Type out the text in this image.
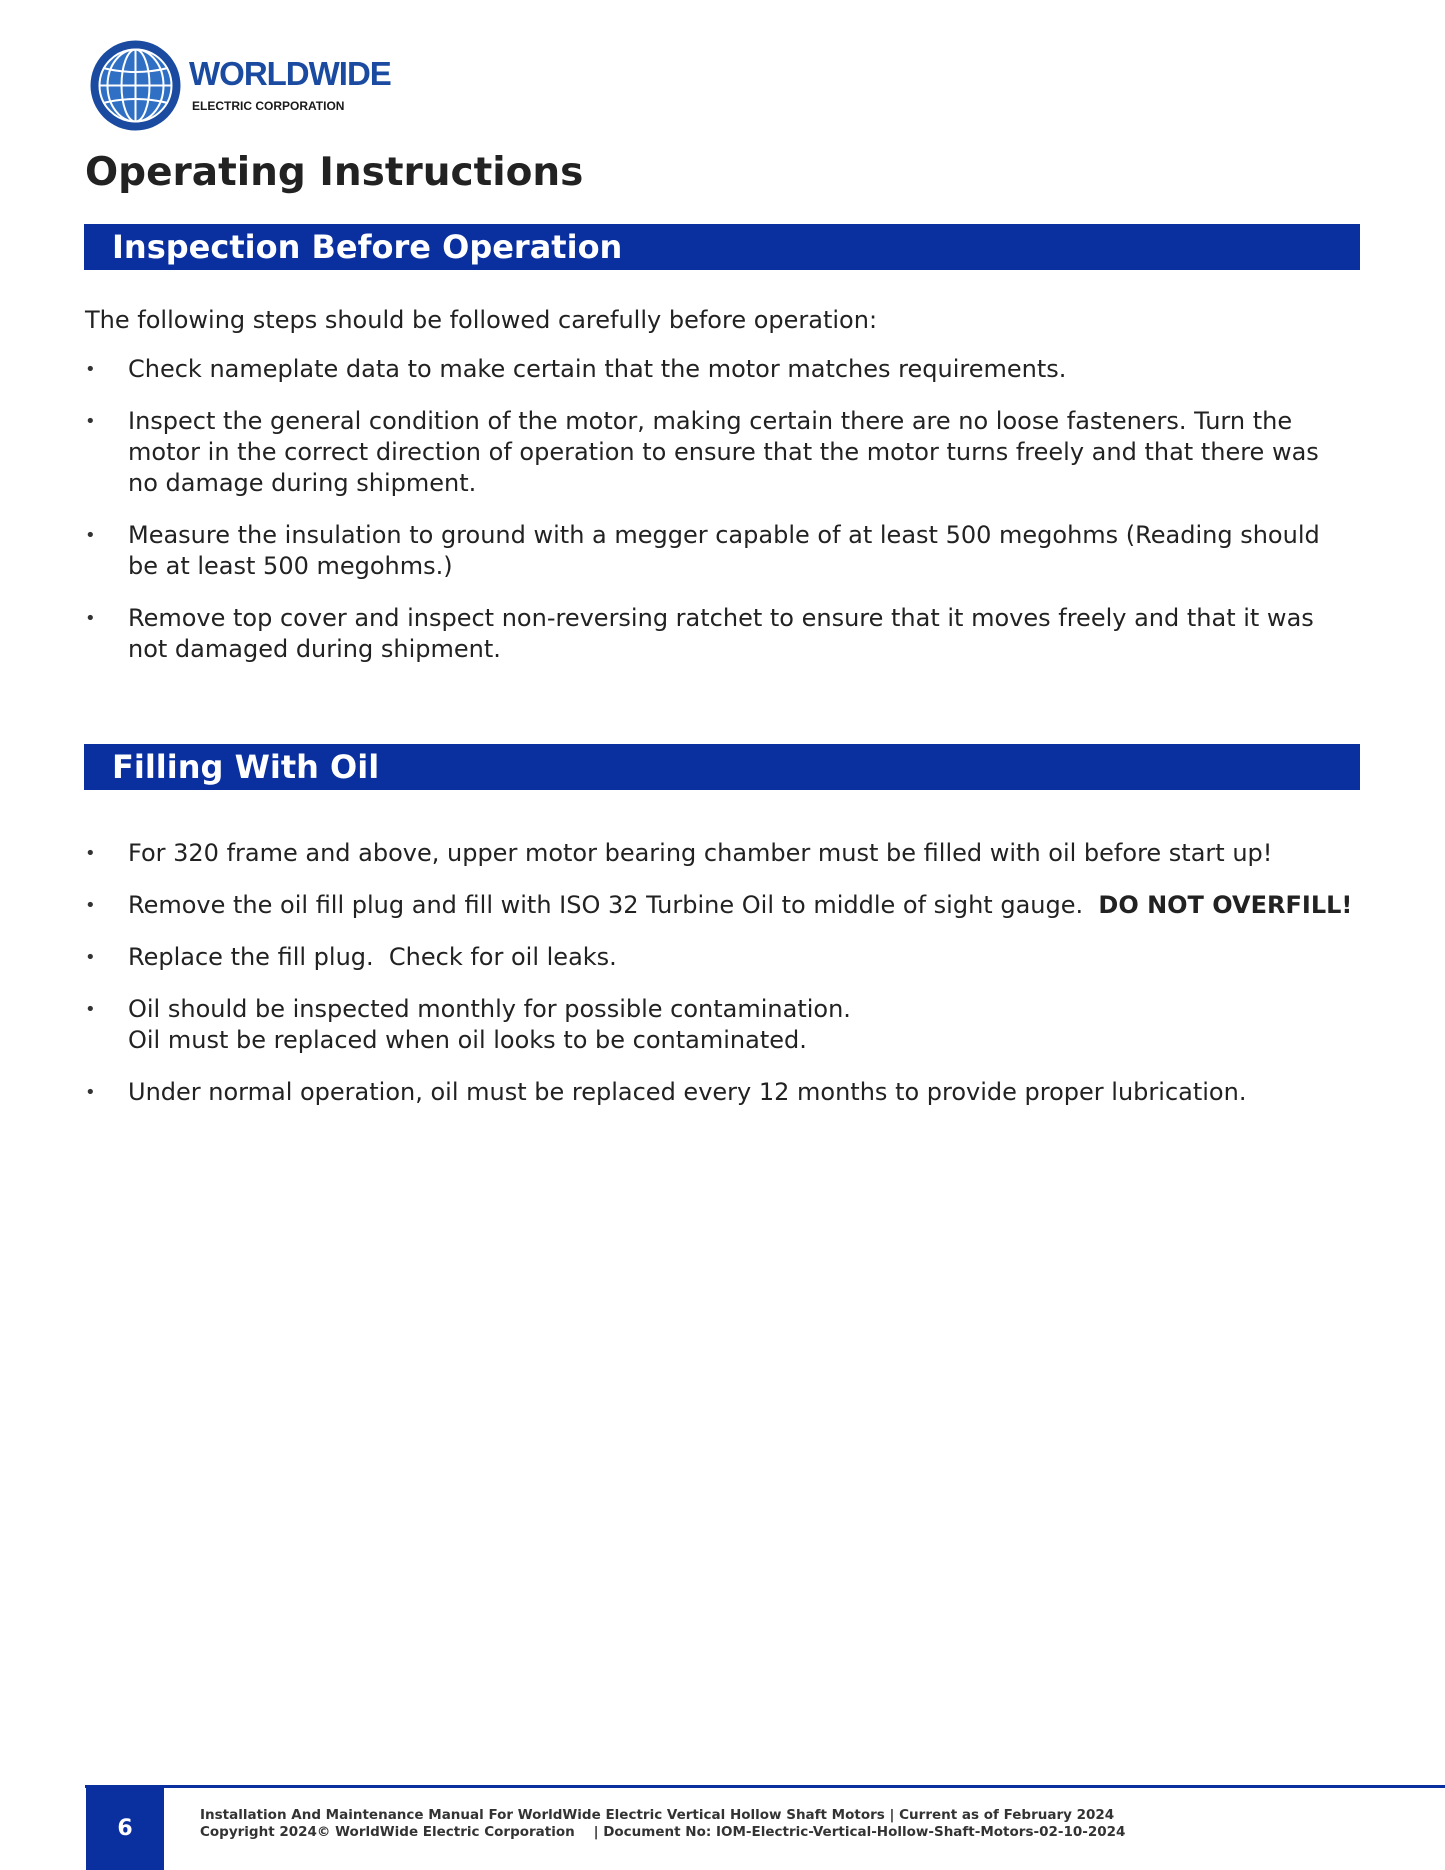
WORLDWIDE
ELECTRIC CORPORATION
Operating Instructions
Inspection Before Operation

The following steps should be followed carefully before operation:

• Check nameplate data to make certain that the motor matches requirements.
• Inspect the general condition of the motor, making certain there are no loose fasteners. Turn the
motor in the correct direction of operation to ensure that the motor turns freely and that there was
no damage during shipment.
• Measure the insulation to ground with a megger capable of at least 500 megohms (Reading should
be at least 500 megohms.)
• Remove top cover and inspect non-reversing ratchet to ensure that it moves freely and that it was
not damaged during shipment.
Filling With Oil
• For 320 frame and above, upper motor bearing chamber must be filled with oil before start up!
• Remove the oil fill plug and fill with ISO 32 Turbine Oil to middle of sight gauge. DO NOT OVERFILL!
• Replace the fill plug.  Check for oil leaks.
• Oil should be inspected monthly for possible contamination.
Oil must be replaced when oil looks to be contaminated.
• Under normal operation, oil must be replaced every 12 months to provide proper lubrication.
6
Installation And Maintenance Manual For WorldWide Electric Vertical Hollow Shaft Motors | Current as of February 2024
Copyright 2024© WorldWide Electric Corporation    | Document No: IOM-Electric-Vertical-Hollow-Shaft-Motors-02-10-2024
